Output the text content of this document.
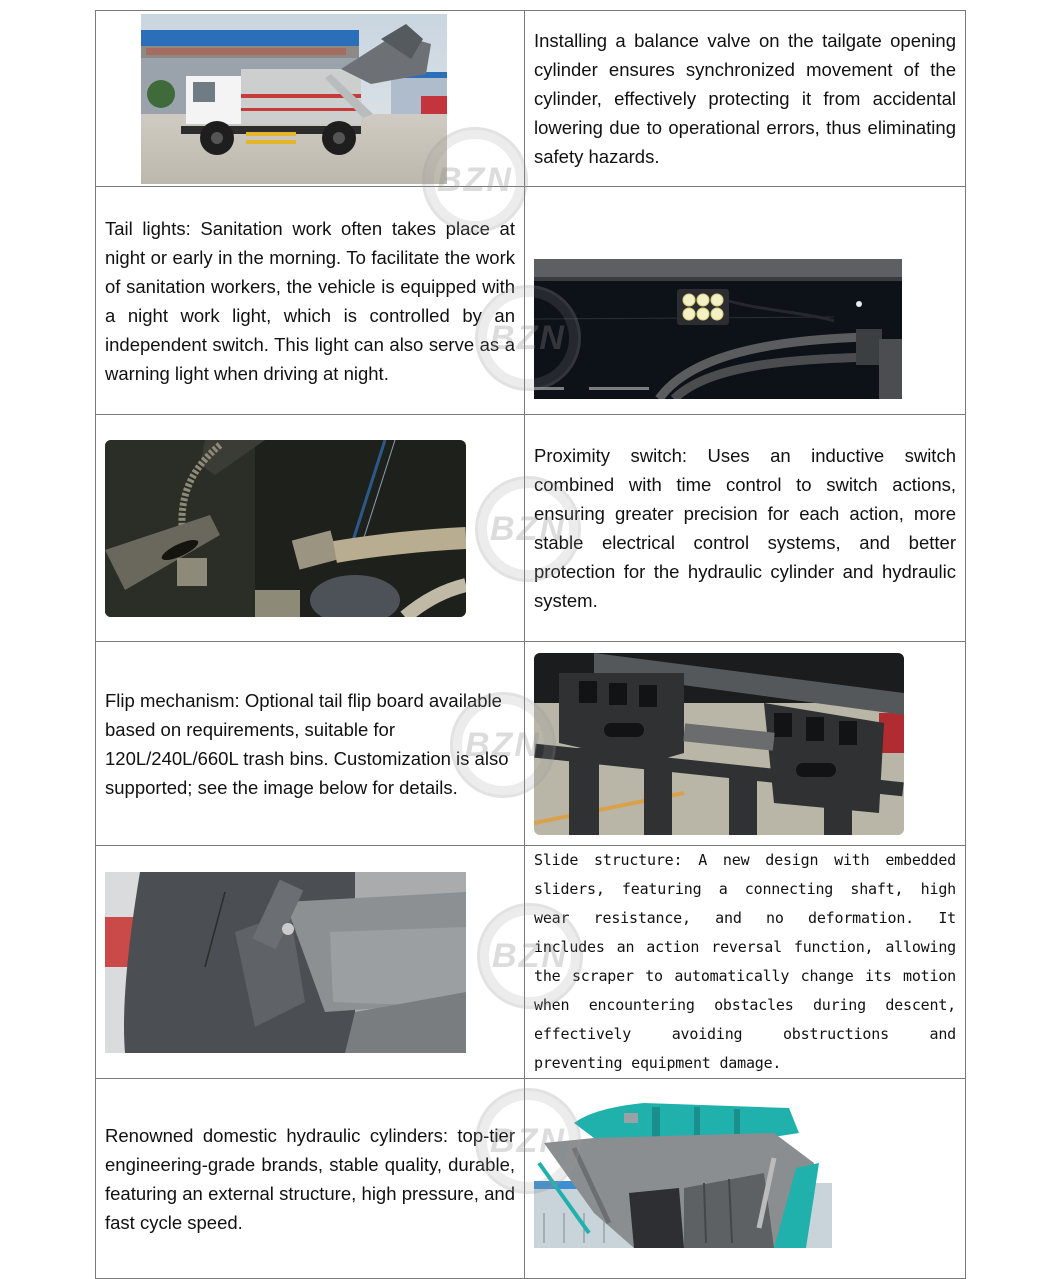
Installing a balance valve on the tailgate opening cylinder ensures synchronized movement of the cylinder, effectively protecting it from accidental lowering due to operational errors, thus eliminating safety hazards.

Tail lights: Sanitation work often takes place at night or early in the morning. To facilitate the work of sanitation workers, the vehicle is equipped with a night work light, which is controlled by an independent switch. This light can also serve as a warning light when driving at night.

Proximity switch: Uses an inductive switch combined with time control to switch actions, ensuring greater precision for each action, more stable electrical control systems, and better protection for the hydraulic cylinder and hydraulic system.

Flip mechanism: Optional tail flip board available based on requirements, suitable for 120L/240L/660L trash bins. Customization is also supported; see the image below for details.

Slide structure: A new design with embedded sliders, featuring a connecting shaft, high wear resistance, and no deformation. It includes an action reversal function, allowing the scraper to automatically change its motion when encountering obstacles during descent, effectively avoiding obstructions and preventing equipment damage.

Renowned domestic hydraulic cylinders: top-tier engineering-grade brands, stable quality, durable, featuring an external structure, high pressure, and fast cycle speed.

BZN
BZN
BZN
BZN
BZN
BZN
